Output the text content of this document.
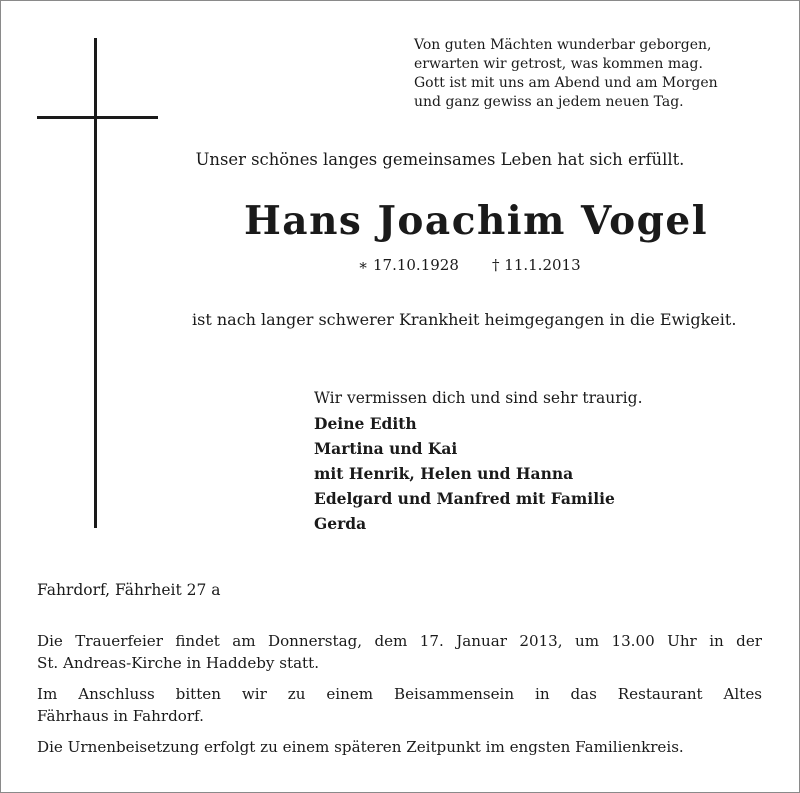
Von guten Mächten wunderbar geborgen,
erwarten wir getrost, was kommen mag.
Gott ist mit uns am Abend und am Morgen
und ganz gewiss an jedem neuen Tag.
Unser schönes langes gemeinsames Leben hat sich erfüllt.
Hans Joachim Vogel
∗ 17.10.1928 † 11.1.2013
ist nach langer schwerer Krankheit heimgegangen in die Ewigkeit.
Wir vermissen dich und sind sehr traurig.
Deine Edith
Martina und Kai
mit Henrik, Helen und Hanna
Edelgard und Manfred mit Familie
Gerda
Fahrdorf, Fährheit 27 a
Die Trauerfeier findet am Donnerstag, dem 17. Januar 2013, um 13.00 Uhr in der
St. Andreas-Kirche in Haddeby statt.
Im Anschluss bitten wir zu einem Beisammensein in das Restaurant Altes
Fährhaus in Fahrdorf.
Die Urnenbeisetzung erfolgt zu einem späteren Zeitpunkt im engsten Familienkreis.
